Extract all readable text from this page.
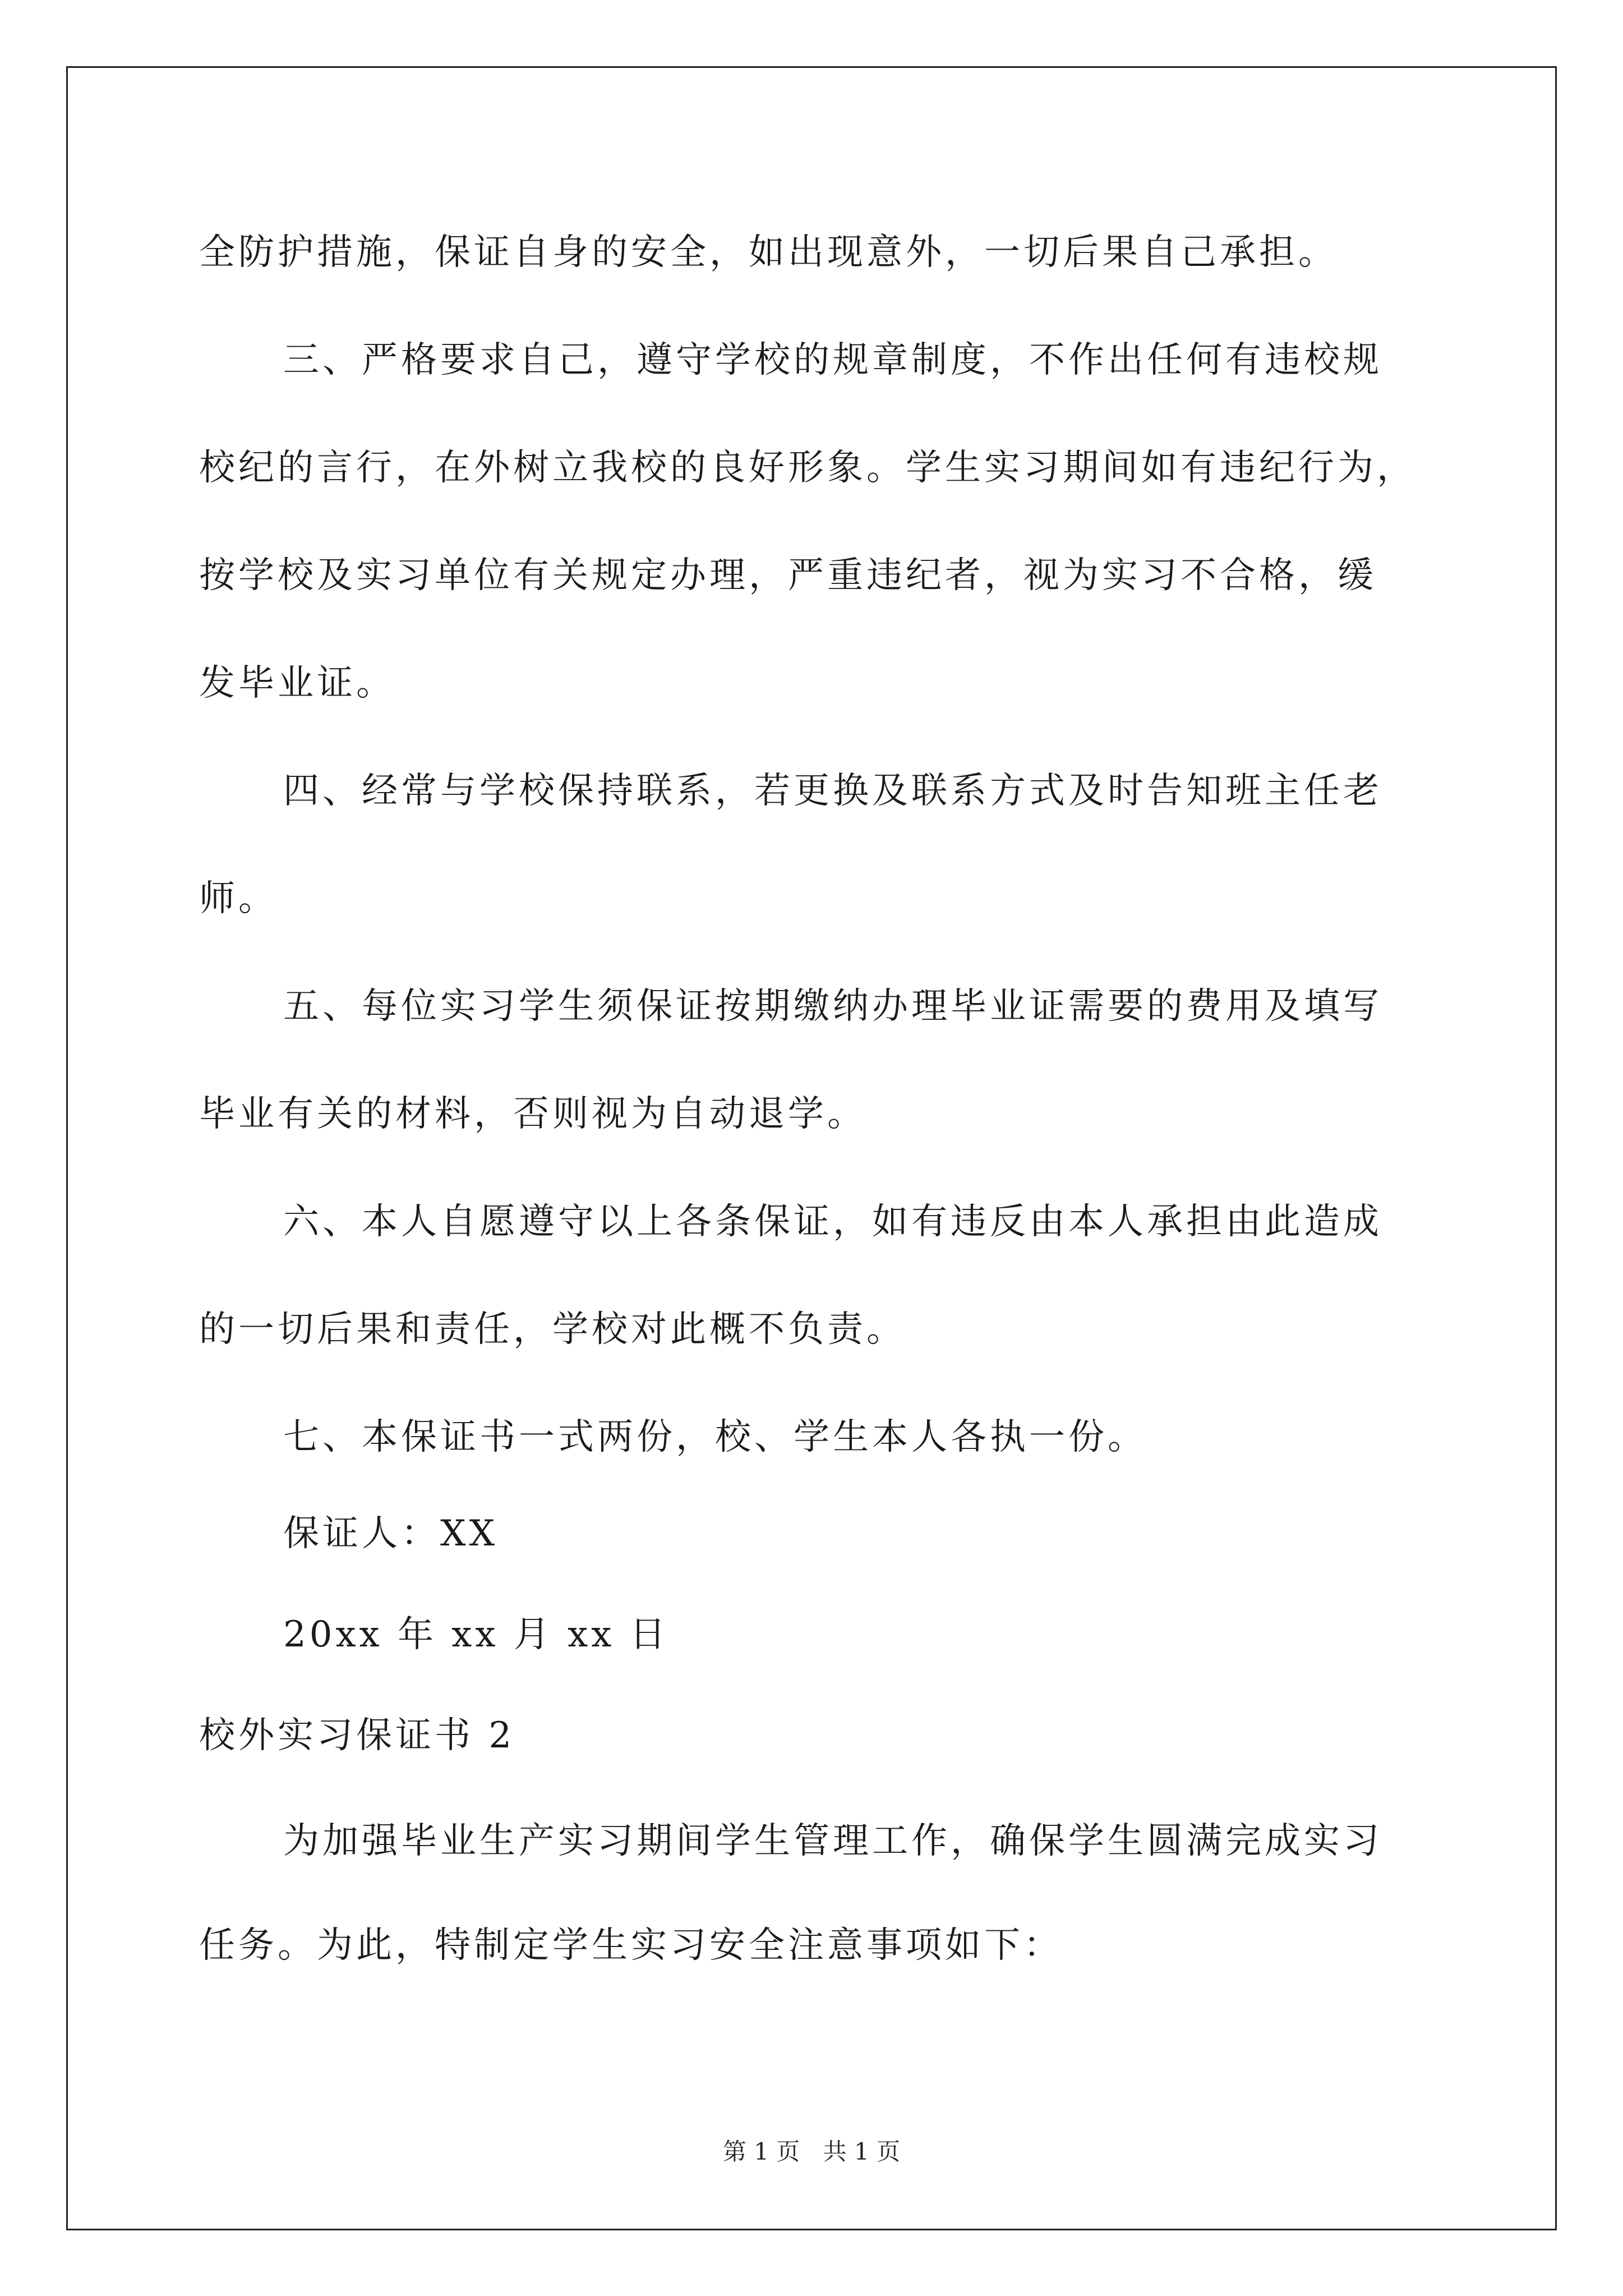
全防护措施，保证自身的安全，如出现意外，一切后果自己承担。
三、严格要求自己，遵守学校的规章制度，不作出任何有违校规
校纪的言行，在外树立我校的良好形象。学生实习期间如有违纪行为，
按学校及实习单位有关规定办理，严重违纪者，视为实习不合格，缓
发毕业证。
四、经常与学校保持联系，若更换及联系方式及时告知班主任老
师。
五、每位实习学生须保证按期缴纳办理毕业证需要的费用及填写
毕业有关的材料，否则视为自动退学。
六、本人自愿遵守以上各条保证，如有违反由本人承担由此造成
的一切后果和责任，学校对此概不负责。
七、本保证书一式两份，校、学生本人各执一份。
保证人：XX
20xx 年 xx 月 xx 日
校外实习保证书 2
为加强毕业生产实习期间学生管理工作，确保学生圆满完成实习
任务。为此，特制定学生实习安全注意事项如下：
第 1 页 共 1 页
